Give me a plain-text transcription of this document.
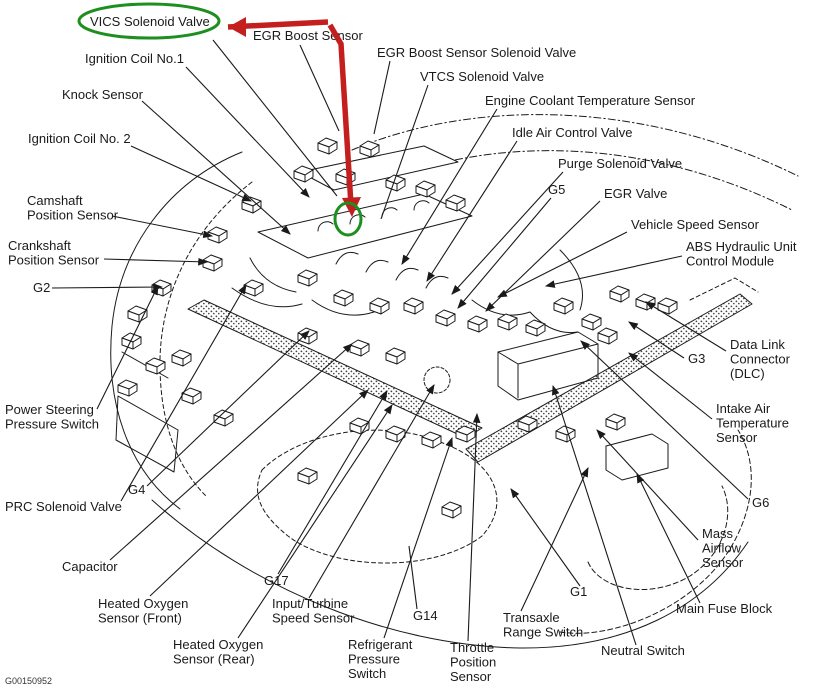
VICS Solenoid Valve
EGR Boost Sensor
EGR Boost Sensor Solenoid Valve
Ignition Coil No.1
VTCS Solenoid Valve
Knock Sensor	Engine Coolant Temperature Sensor
Idle Air Control Valve
Ignition Coil No. 2
Purge Solenoid Valve
G5	EGR Valve
Camshaft Position Sensor
Vehicle Speed Sensor
ABS Hydraulic Unit Control Module
Crankshaft Position Sensor
G2
G3
Data Link Connector (DLC)
Power Steering Pressure Switch
Intake Air Temperature Sensor
PRC Solenoid Valve
G4
G6
Capacitor
Mass Airflow Sensor
Heated Oxygen Sensor (Front)
G17
Input/Turbine Speed Sensor	G14
G1
Main Fuse Block
Heated Oxygen Sensor (Rear)
Transaxle Range Switch
Refrigerant Pressure Switch
Throttle Position Sensor
Neutral Switch
G00150952
